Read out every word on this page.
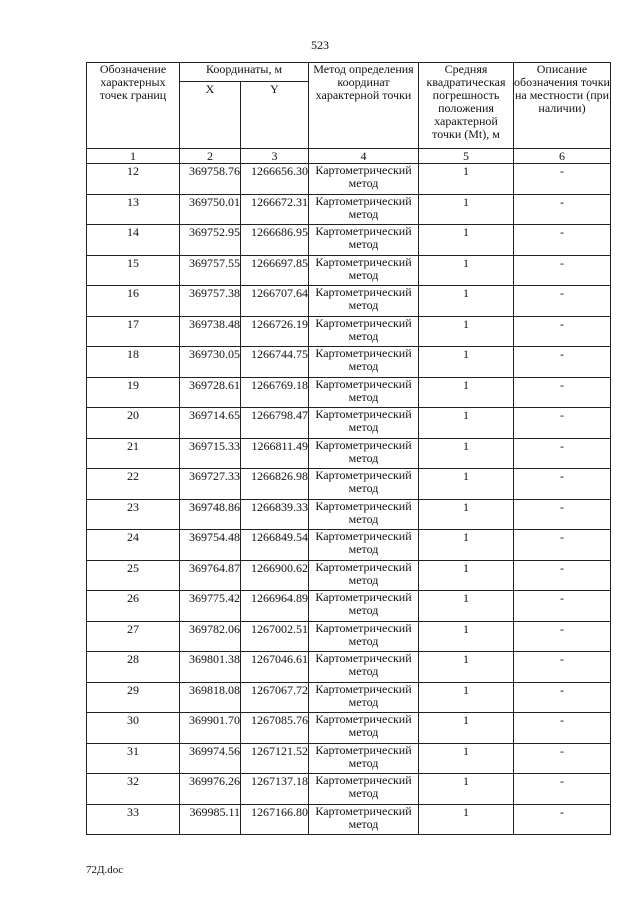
523
Обозначение характерных точек границ	Координаты, м		Метод определения координат характерной точки	Средняя квадратическая погрешность положения характерной точки (Мt), м	Описание обозначения точки на местности (при наличии)
	X	Y			
1	2	3	4	5	6
12	369758.76	1266656.30	Картометрический метод	1	-
13	369750.01	1266672.31	Картометрический метод	1	-
14	369752.95	1266686.95	Картометрический метод	1	-
15	369757.55	1266697.85	Картометрический метод	1	-
16	369757.38	1266707.64	Картометрический метод	1	-
17	369738.48	1266726.19	Картометрический метод	1	-
18	369730.05	1266744.75	Картометрический метод	1	-
19	369728.61	1266769.18	Картометрический метод	1	-
20	369714.65	1266798.47	Картометрический метод	1	-
21	369715.33	1266811.49	Картометрический метод	1	-
22	369727.33	1266826.98	Картометрический метод	1	-
23	369748.86	1266839.33	Картометрический метод	1	-
24	369754.48	1266849.54	Картометрический метод	1	-
25	369764.87	1266900.62	Картометрический метод	1	-
26	369775.42	1266964.89	Картометрический метод	1	-
27	369782.06	1267002.51	Картометрический метод	1	-
28	369801.38	1267046.61	Картометрический метод	1	-
29	369818.08	1267067.72	Картометрический метод	1	-
30	369901.70	1267085.76	Картометрический метод	1	-
31	369974.56	1267121.52	Картометрический метод	1	-
32	369976.26	1267137.18	Картометрический метод	1	-
33	369985.11	1267166.80	Картометрический метод	1	-
72Д.doc
